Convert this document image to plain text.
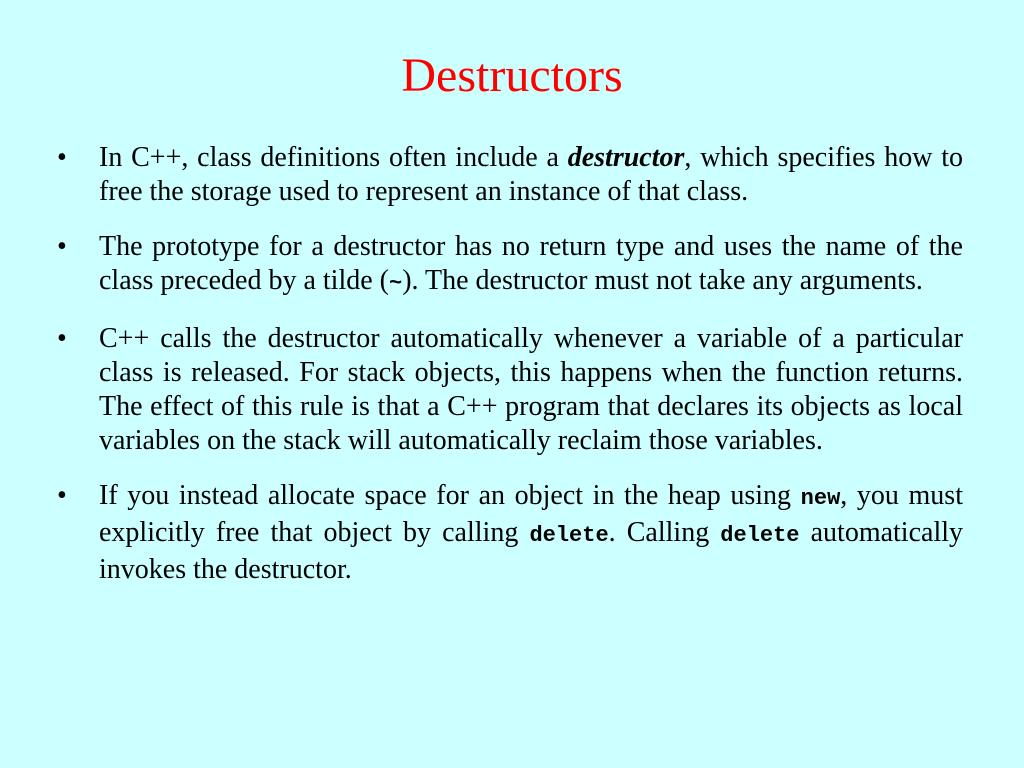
Destructors
•	In C++, class definitions often include a destructor, which specifies how to free the storage used to represent an instance of that class.
•	The prototype for a destructor has no return type and uses the name of the class preceded by a tilde (~). The destructor must not take any arguments.
•	C++ calls the destructor automatically whenever a variable of a particular class is released. For stack objects, this happens when the function returns. The effect of this rule is that a C++ program that declares its objects as local variables on the stack will automatically reclaim those variables.
•	If you instead allocate space for an object in the heap using new, you must explicitly free that object by calling delete. Calling delete automatically invokes the destructor.
